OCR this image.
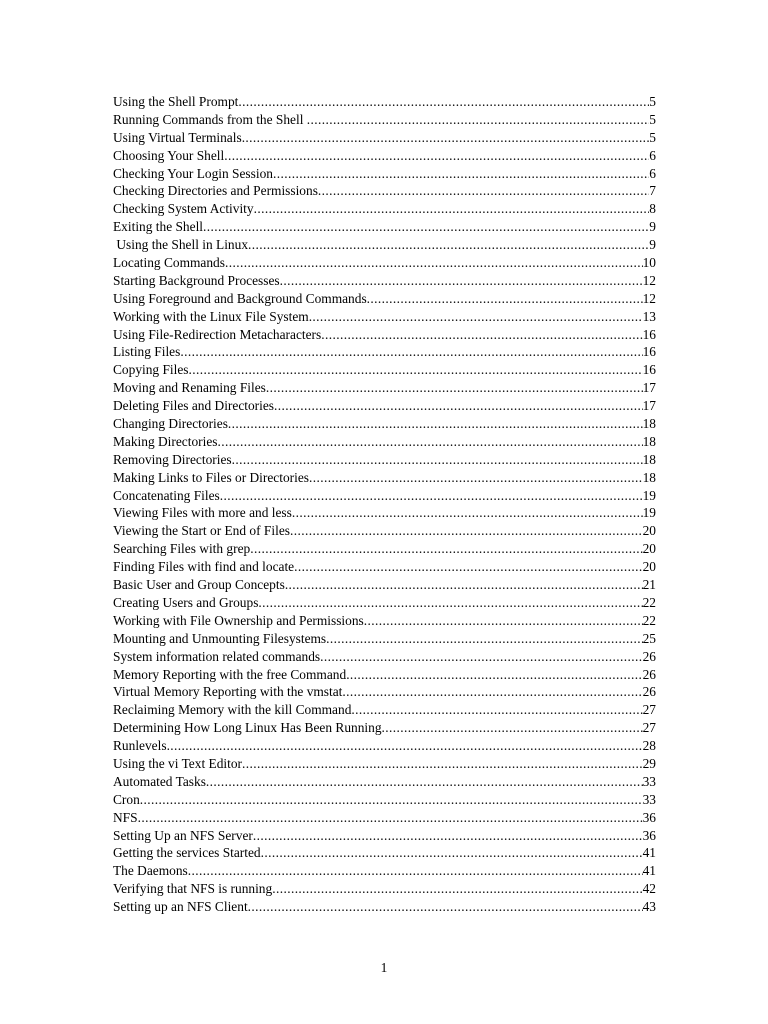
Using the Shell Prompt .....	5
Running Commands from the Shell .....	5
Using Virtual Terminals .....	5
Choosing Your Shell .....	6
Checking Your Login Session .....	6
Checking Directories and Permissions .....	7
Checking System Activity .....	8
Exiting the Shell .....	9
Using the Shell in Linux .....	9
Locating Commands .....	10
Starting Background Processes .....	12
Using Foreground and Background Commands .....	12
Working with the Linux File System .....	13
Using File-Redirection Metacharacters .....	16
Listing Files .....	16
Copying Files .....	16
Moving and Renaming Files .....	17
Deleting Files and Directories .....	17
Changing Directories .....	18
Making Directories .....	18
Removing Directories .....	18
Making Links to Files or Directories .....	18
Concatenating Files .....	19
Viewing Files with more and less .....	19
Viewing the Start or End of Files .....	20
Searching Files with grep .....	20
Finding Files with find and locate .....	20
Basic User and Group Concepts .....	21
Creating Users and Groups .....	22
Working with File Ownership and Permissions .....	22
Mounting and Unmounting Filesystems .....	25
System information related commands .....	26
Memory Reporting with the free Command .....	26
Virtual Memory Reporting with the vmstat .....	26
Reclaiming Memory with the kill Command .....	27
Determining How Long Linux Has Been Running .....	27
Runlevels .....	28
Using the vi Text Editor .....	29
Automated Tasks .....	33
Cron .....	33
NFS .....	36
Setting Up an NFS Server .....	36
Getting the services Started .....	41
The Daemons .....	41
Verifying that NFS is running .....	42
Setting up an NFS Client .....	43
1
